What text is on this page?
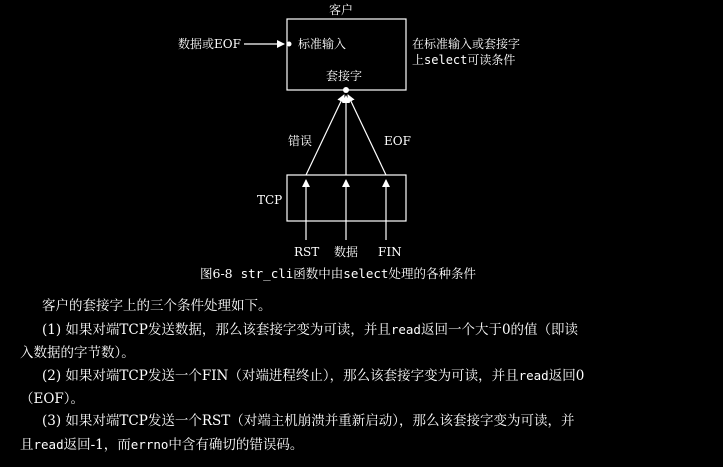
客户
数据或EOF	标准输入	在标准输入或套接字
上select可读条件
套接字
错误	EOF
TCP
RST 数据 FIN
图6-8 str_cli函数中由select处理的各种条件
客户的套接字上的三个条件处理如下。
(1) 如果对端TCP发送数据，那么该套接字变为可读，并且read返回一个大于0的值（即读
入数据的字节数）。
(2) 如果对端TCP发送一个FIN（对端进程终止），那么该套接字变为可读，并且read返回0
（EOF）。
(3) 如果对端TCP发送一个RST（对端主机崩溃并重新启动），那么该套接字变为可读，并
且read返回-1，而errno中含有确切的错误码。
